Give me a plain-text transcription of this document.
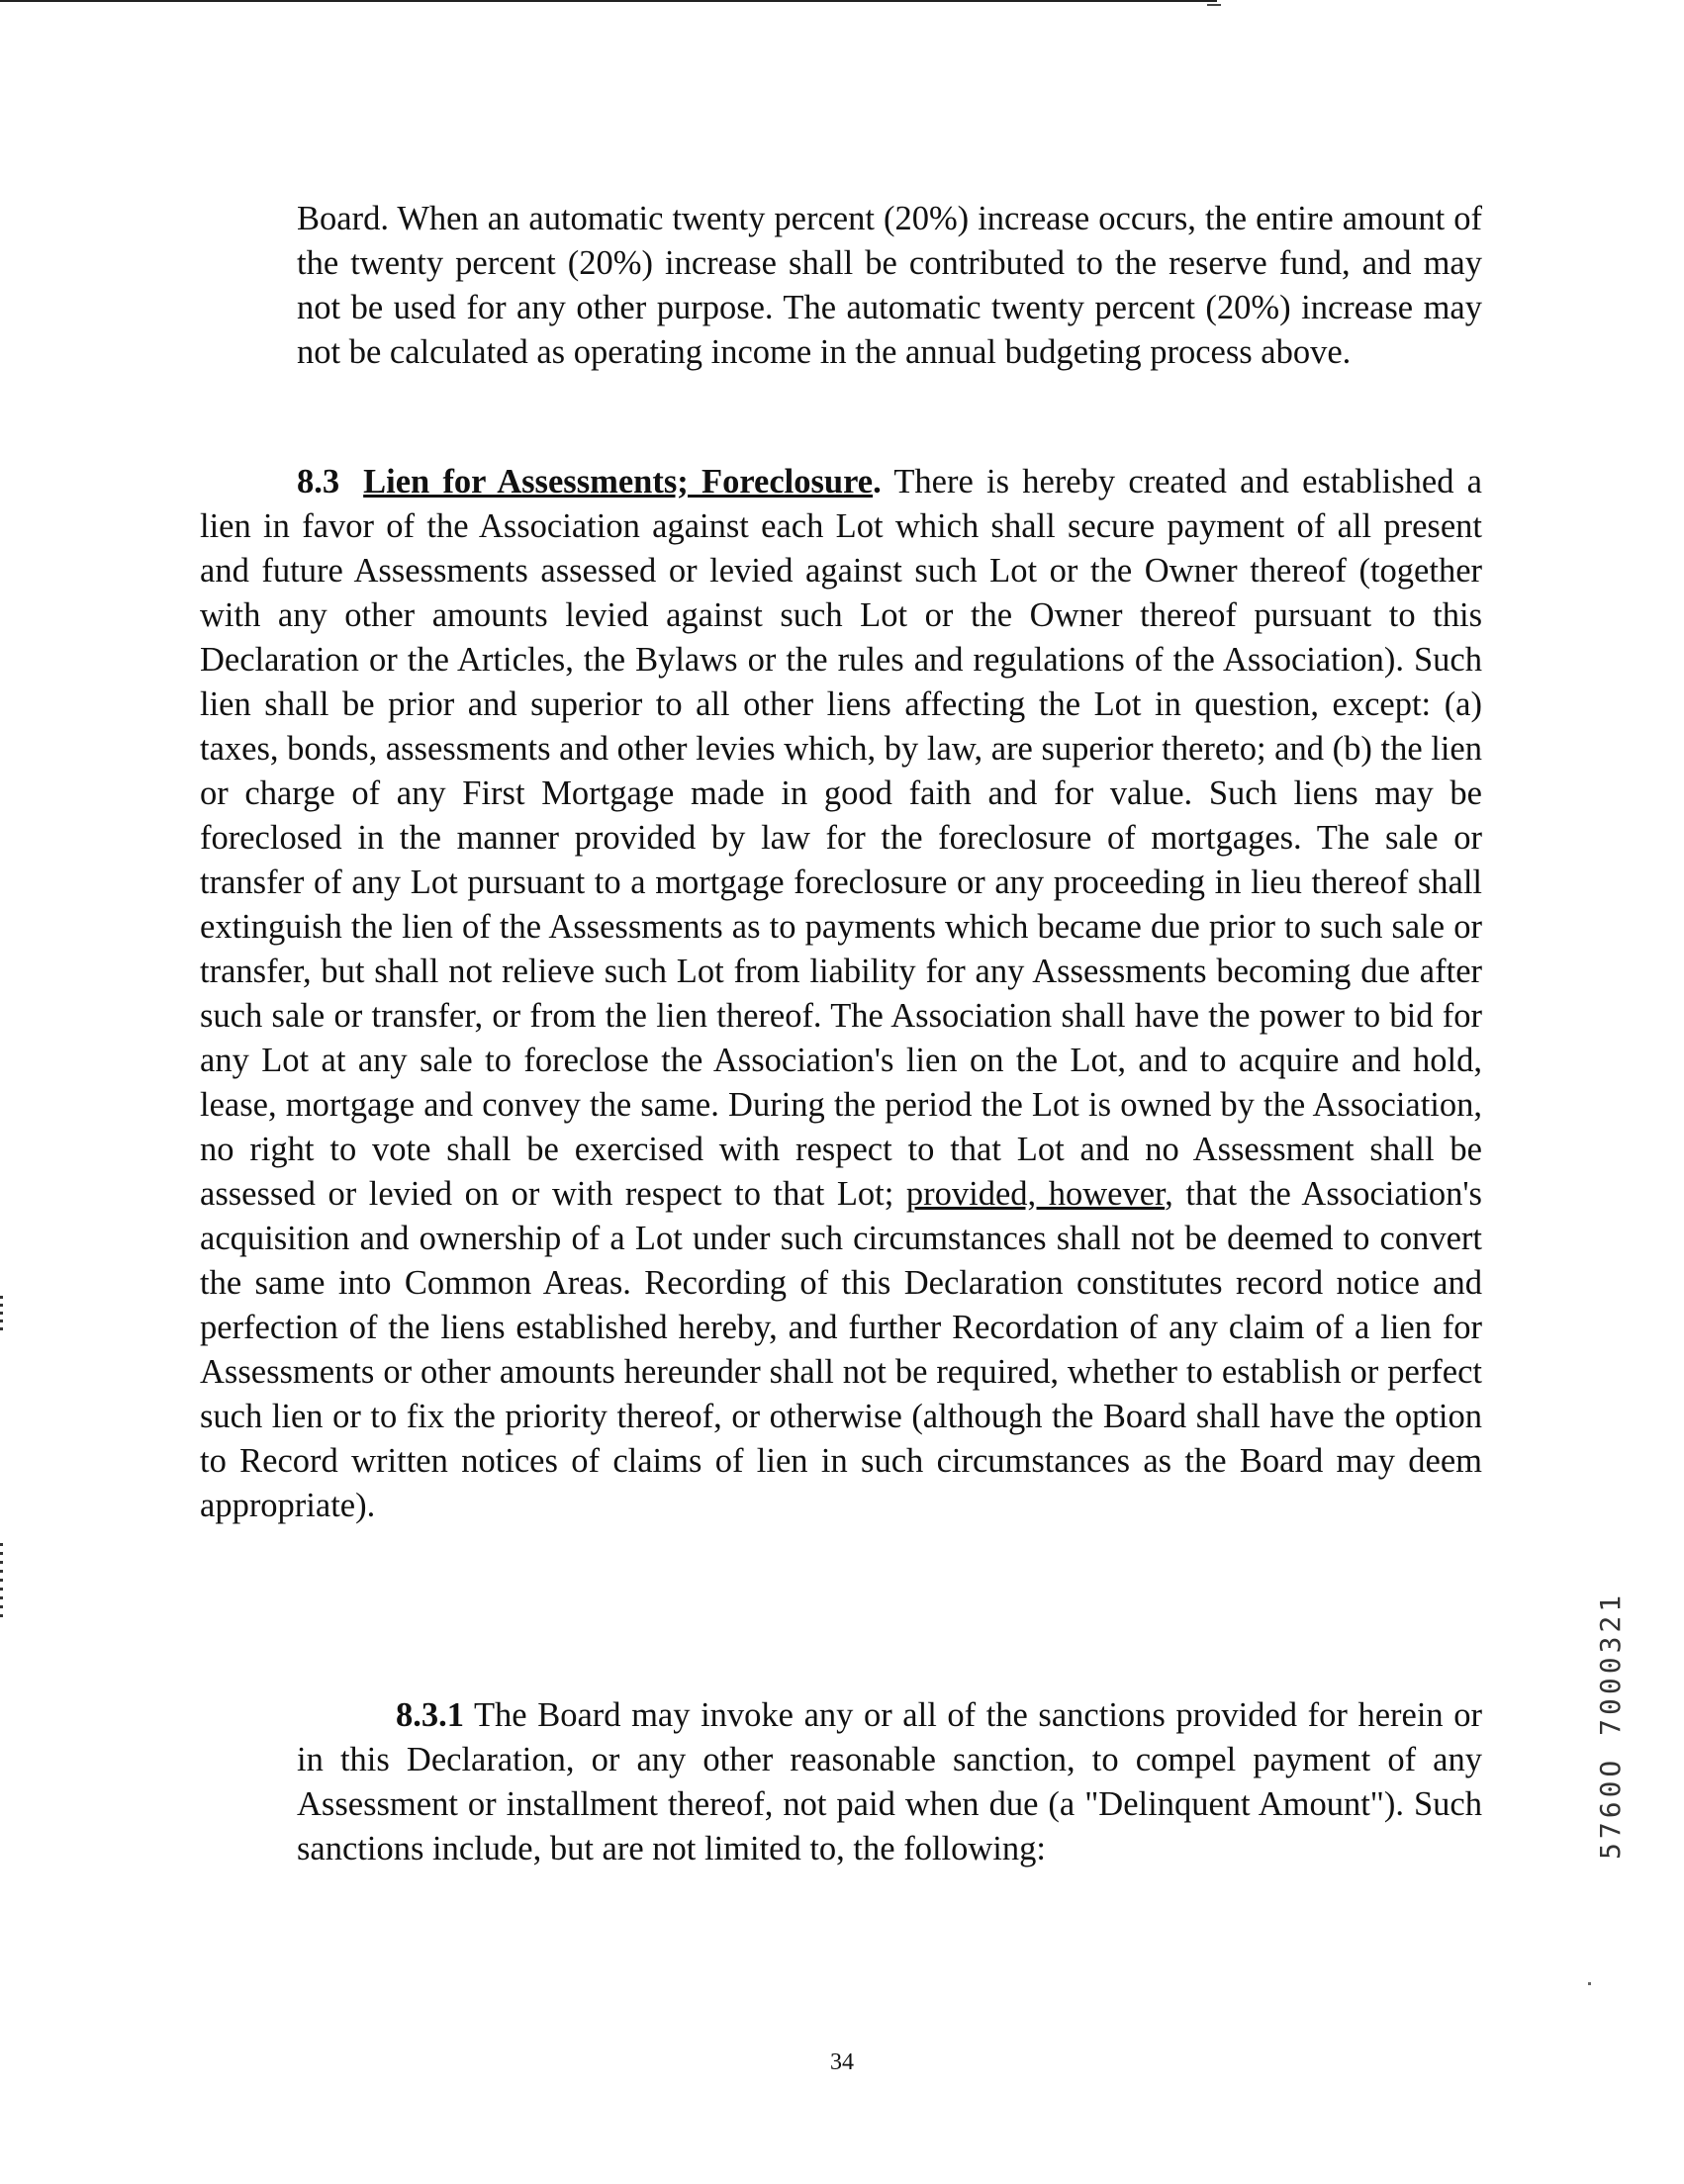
Board. When an automatic twenty percent (20%) increase occurs, the entire amount of the twenty percent (20%) increase shall be contributed to the reserve fund, and may not be used for any other purpose. The automatic twenty percent (20%) increase may not be calculated as operating income in the annual budgeting process above.

8.3 Lien for Assessments; Foreclosure. There is hereby created and established a lien in favor of the Association against each Lot which shall secure payment of all present and future Assessments assessed or levied against such Lot or the Owner thereof (together with any other amounts levied against such Lot or the Owner thereof pursuant to this Declaration or the Articles, the Bylaws or the rules and regulations of the Association). Such lien shall be prior and superior to all other liens affecting the Lot in question, except: (a) taxes, bonds, assessments and other levies which, by law, are superior thereto; and (b) the lien or charge of any First Mortgage made in good faith and for value. Such liens may be foreclosed in the manner provided by law for the foreclosure of mortgages. The sale or transfer of any Lot pursuant to a mortgage foreclosure or any proceeding in lieu thereof shall extinguish the lien of the Assessments as to payments which became due prior to such sale or transfer, but shall not relieve such Lot from liability for any Assessments becoming due after such sale or transfer, or from the lien thereof. The Association shall have the power to bid for any Lot at any sale to foreclose the Association's lien on the Lot, and to acquire and hold, lease, mortgage and convey the same. During the period the Lot is owned by the Association, no right to vote shall be exercised with respect to that Lot and no Assessment shall be assessed or levied on or with respect to that Lot; provided, however, that the Association's acquisition and ownership of a Lot under such circumstances shall not be deemed to convert the same into Common Areas. Recording of this Declaration constitutes record notice and perfection of the liens established hereby, and further Recordation of any claim of a lien for Assessments or other amounts hereunder shall not be required, whether to establish or perfect such lien or to fix the priority thereof, or otherwise (although the Board shall have the option to Record written notices of claims of lien in such circumstances as the Board may deem appropriate).

8.3.1 The Board may invoke any or all of the sanctions provided for herein or in this Declaration, or any other reasonable sanction, to compel payment of any Assessment or installment thereof, not paid when due (a "Delinquent Amount"). Such sanctions include, but are not limited to, the following:	5760O 7000321
34
